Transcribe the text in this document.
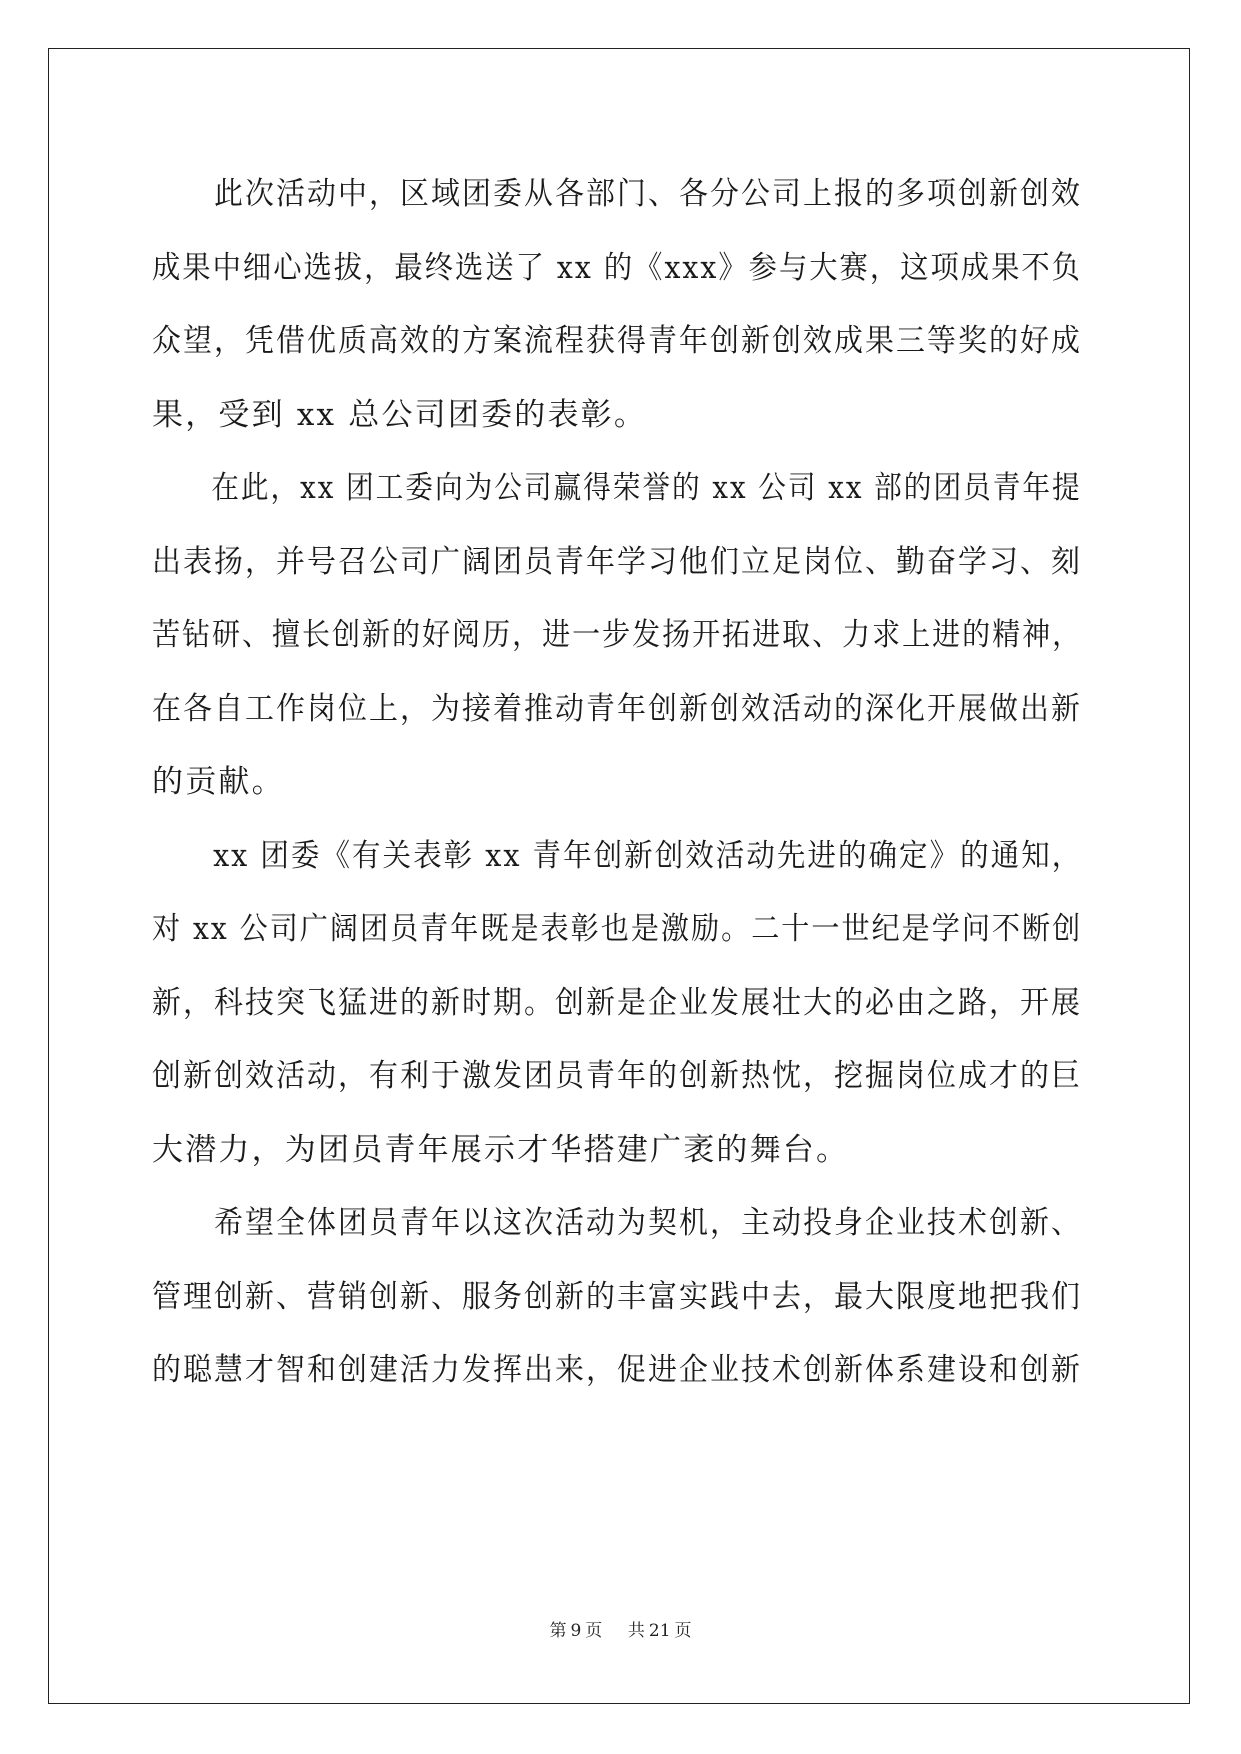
　　此次活动中，区域团委从各部门、各分公司上报的多项创新创效
成果中细心选拔，最终选送了 xx 的《xxx》参与大赛，这项成果不负
众望，凭借优质高效的方案流程获得青年创新创效成果三等奖的好成
果，受到 xx 总公司团委的表彰。
　　在此，xx 团工委向为公司赢得荣誉的 xx 公司 xx 部的团员青年提
出表扬，并号召公司广阔团员青年学习他们立足岗位、勤奋学习、刻
苦钻研、擅长创新的好阅历，进一步发扬开拓进取、力求上进的精神，
在各自工作岗位上，为接着推动青年创新创效活动的深化开展做出新
的贡献。
　　xx 团委《有关表彰 xx 青年创新创效活动先进的确定》的通知，
对 xx 公司广阔团员青年既是表彰也是激励。二十一世纪是学问不断创
新，科技突飞猛进的新时期。创新是企业发展壮大的必由之路，开展
创新创效活动，有利于激发团员青年的创新热忱，挖掘岗位成才的巨
大潜力，为团员青年展示才华搭建广袤的舞台。
　　希望全体团员青年以这次活动为契机，主动投身企业技术创新、
管理创新、营销创新、服务创新的丰富实践中去，最大限度地把我们
的聪慧才智和创建活力发挥出来，促进企业技术创新体系建设和创新
第 9 页 共 21 页
